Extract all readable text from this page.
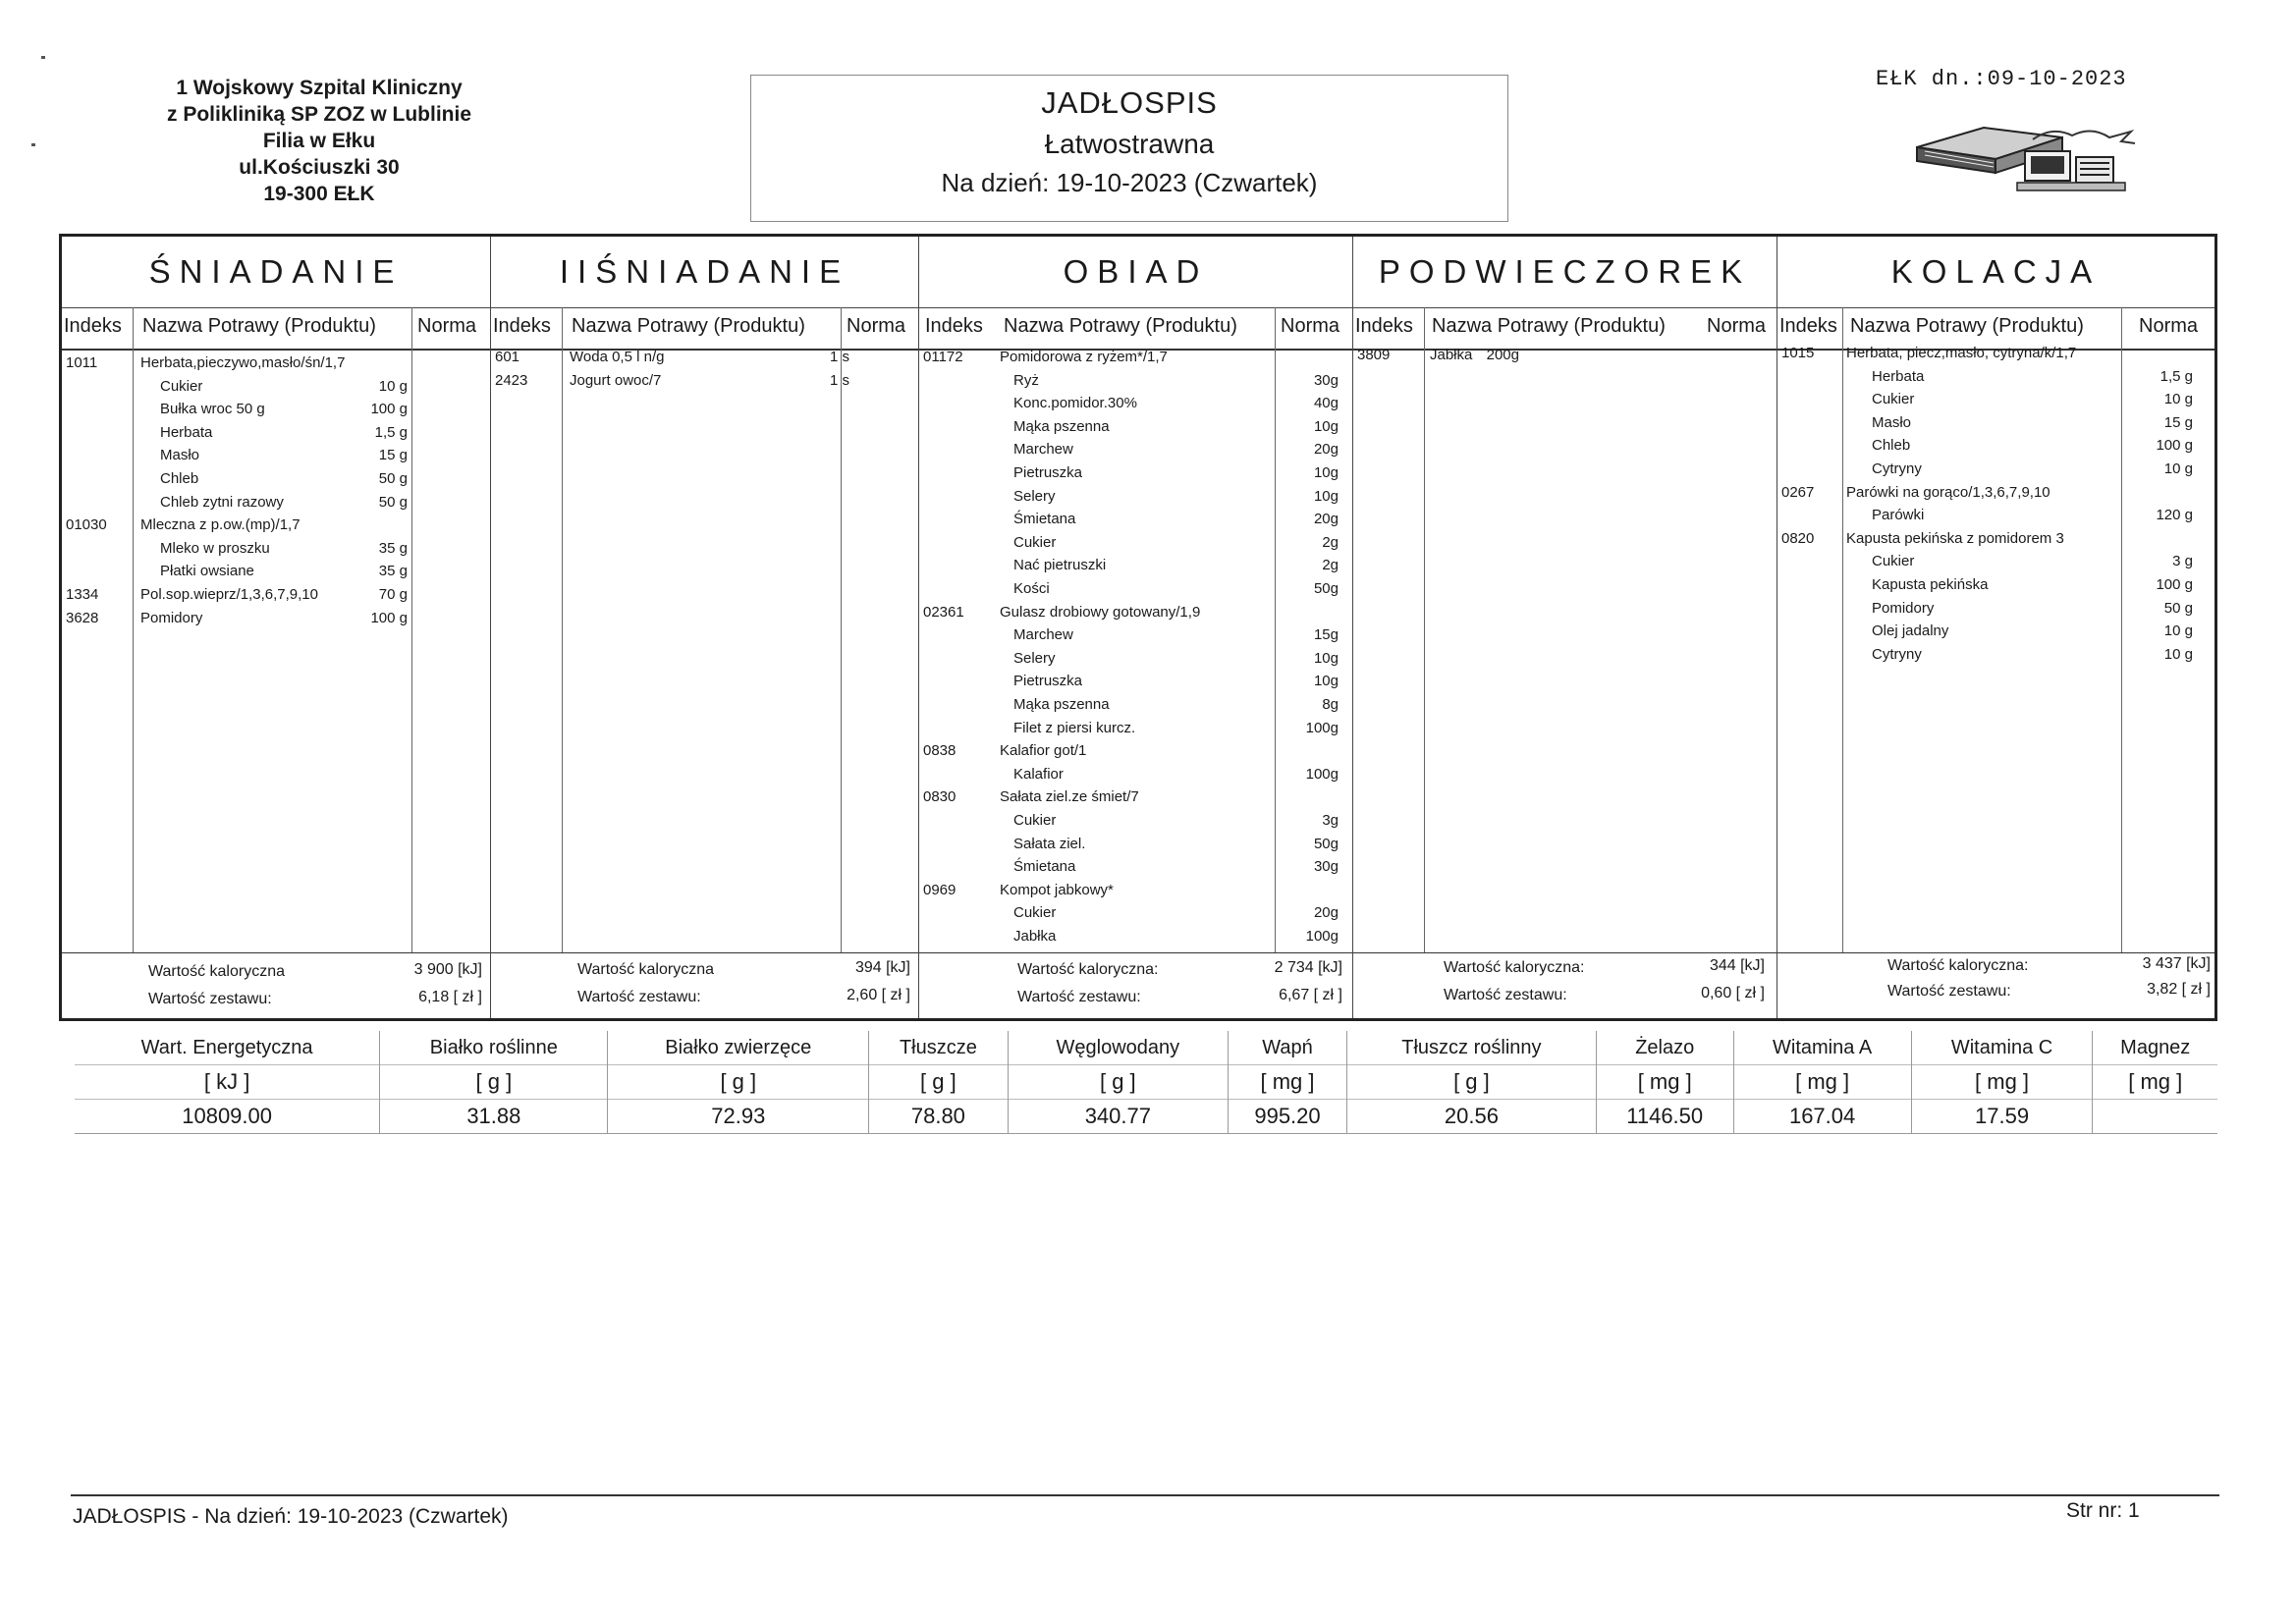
1 Wojskowy Szpital Kliniczny
z Polikliniką SP ZOZ w Lublinie
Filia w Ełku
ul.Kościuszki 30
19-300 EŁK
JADŁOSPIS
Łatwostrawna
Na dzień: 19-10-2023 (Czwartek)
EŁK dn.:09-10-2023
ŚNIADANIE
Indeks Nazwa Potrawy (Produktu) Norma
1011	Herbata,pieczywo,masło/śn/1,7
Cukier	10 g
Bułka wroc 50 g	100 g
Herbata	1,5 g
Masło	15 g
Chleb	50 g
Chleb zytni razowy	50 g
01030 Mleczna z p.ow.(mp)/1,7
Mleko w proszku	35 g
Płatki owsiane	35 g
1334	Pol.sop.wieprz/1,3,6,7,9,10	70 g
3628	Pomidory	100 g
Wartość kaloryczna	3 900 [kJ]
Wartość zestawu:	6,18 [ zł ]
IIŚNIADANIE
Indeks Nazwa Potrawy (Produktu) Norma
601	Woda 0,5 l n/g	1 s
2423	Jogurt owoc/7	1 s
Wartość kaloryczna	394 [kJ]
Wartość zestawu:	2,60 [ zł ]
OBIAD
Indeks Nazwa Potrawy (Produktu) Norma
01172 Pomidorowa z ryżem*/1,7
Ryż	30g
Konc.pomidor.30%	40g
Mąka pszenna	10g
Marchew	20g
Pietruszka	10g
Selery	10g
Śmietana	20g
Cukier	2g
Nać pietruszki	2g
Kości	50g
02361 Gulasz drobiowy gotowany/1,9
Marchew	15g
Selery	10g
Pietruszka	10g
Mąka pszenna	8g
Filet z piersi kurcz.	100g
0838	Kalafior got/1
Kalafior	100g
0830	Sałata ziel.ze śmiet/7
Cukier	3g
Sałata ziel.	50g
Śmietana	30g
0969	Kompot jabkowy*
Cukier	20g
Jabłka	100g
Wartość kaloryczna:	2 734 [kJ]
Wartość zestawu:	6,67 [ zł ]
PODWIECZOREK
Indeks Nazwa Potrawy (Produktu) Norma
3809	Jabłka 200g
Wartość kaloryczna:	344 [kJ]
Wartość zestawu:	0,60 [ zł ]
KOLACJA
Indeks Nazwa Potrawy (Produktu)	Norma
1015 Herbata, piecz,masło, cytryna/k/1,7
Herbata	1,5 g
Cukier	10 g
Masło	15 g
Chleb	100 g
Cytryny	10 g
0267 Parówki na gorąco/1,3,6,7,9,10
Parówki	120 g
0820 Kapusta pekińska z pomidorem 3
Cukier	3 g
Kapusta pekińska	100 g
Pomidory	50 g
Olej jadalny	10 g
Cytryny	10 g
Wartość kaloryczna:	3 437 [kJ]
Wartość zestawu:	3,82 [ zł ]
Wart. Energetyczna	Białko roślinne	Białko zwierzęce	Tłuszcze	Węglowodany	Wapń	Tłuszcz roślinny	Żelazo	Witamina A	Witamina C	Magnez
[ kJ ]	[ g ]	[ g ]	[ g ]	[ g ]	[ mg ]	[ g ]	[ mg ]	[ mg ]	[ mg ]	[ mg ]
10809.00	31.88	72.93	78.80	340.77	995.20	20.56	1146.50	167.04	17.59	
JADŁOSPIS - Na dzień: 19-10-2023 (Czwartek)	Str nr: 1
